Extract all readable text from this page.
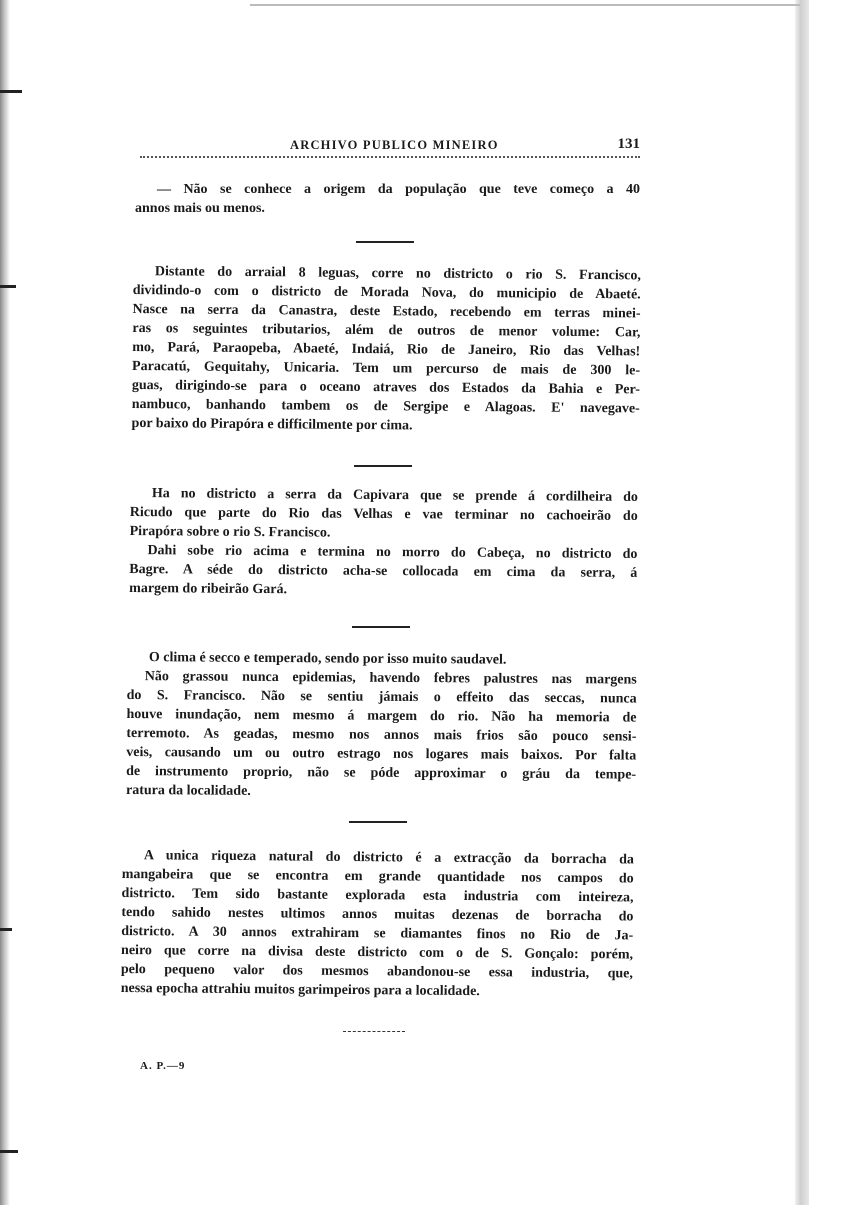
ARCHIVO PUBLICO MINEIRO	131
— Não se conhece a origem da população que teve começo a 40
annos mais ou menos.
Distante do arraial 8 leguas, corre no districto o rio S. Francisco,
dividindo-o com o districto de Morada Nova, do municipio de Abaeté.
Nasce na serra da Canastra, deste Estado, recebendo em terras minei-
ras os seguintes tributarios, além de outros de menor volume: Car,
mo, Pará, Paraopeba, Abaeté, Indaiá, Rio de Janeiro, Rio das Velhas!
Paracatú, Gequitahy, Unicaria. Tem um percurso de mais de 300 le-
guas, dirigindo-se para o oceano atraves dos Estados da Bahia e Per-
nambuco, banhando tambem os de Sergipe e Alagoas. E' navegave-
por baixo do Pirapóra e difficilmente por cima.
Ha no districto a serra da Capivara que se prende á cordilheira do
Ricudo que parte do Rio das Velhas e vae terminar no cachoeirão do
Pirapóra sobre o rio S. Francisco.
Dahi sobe rio acima e termina no morro do Cabeça, no districto do
Bagre. A séde do districto acha-se collocada em cima da serra, á
margem do ribeirão Gará.
O clima é secco e temperado, sendo por isso muito saudavel.
Não grassou nunca epidemias, havendo febres palustres nas margens
do S. Francisco. Não se sentiu jámais o effeito das seccas, nunca
houve inundação, nem mesmo á margem do rio. Não ha memoria de
terremoto. As geadas, mesmo nos annos mais frios são pouco sensi-
veis, causando um ou outro estrago nos logares mais baixos. Por falta
de instrumento proprio, não se póde approximar o gráu da tempe-
ratura da localidade.
A unica riqueza natural do districto é a extracção da borracha da
mangabeira que se encontra em grande quantidade nos campos do
districto. Tem sido bastante explorada esta industria com inteireza,
tendo sahido nestes ultimos annos muitas dezenas de borracha do
districto. A 30 annos extrahiram se diamantes finos no Rio de Ja-
neiro que corre na divisa deste districto com o de S. Gonçalo: porém,
pelo pequeno valor dos mesmos abandonou-se essa industria, que,
nessa epocha attrahiu muitos garimpeiros para a localidade.
A. P.—9
